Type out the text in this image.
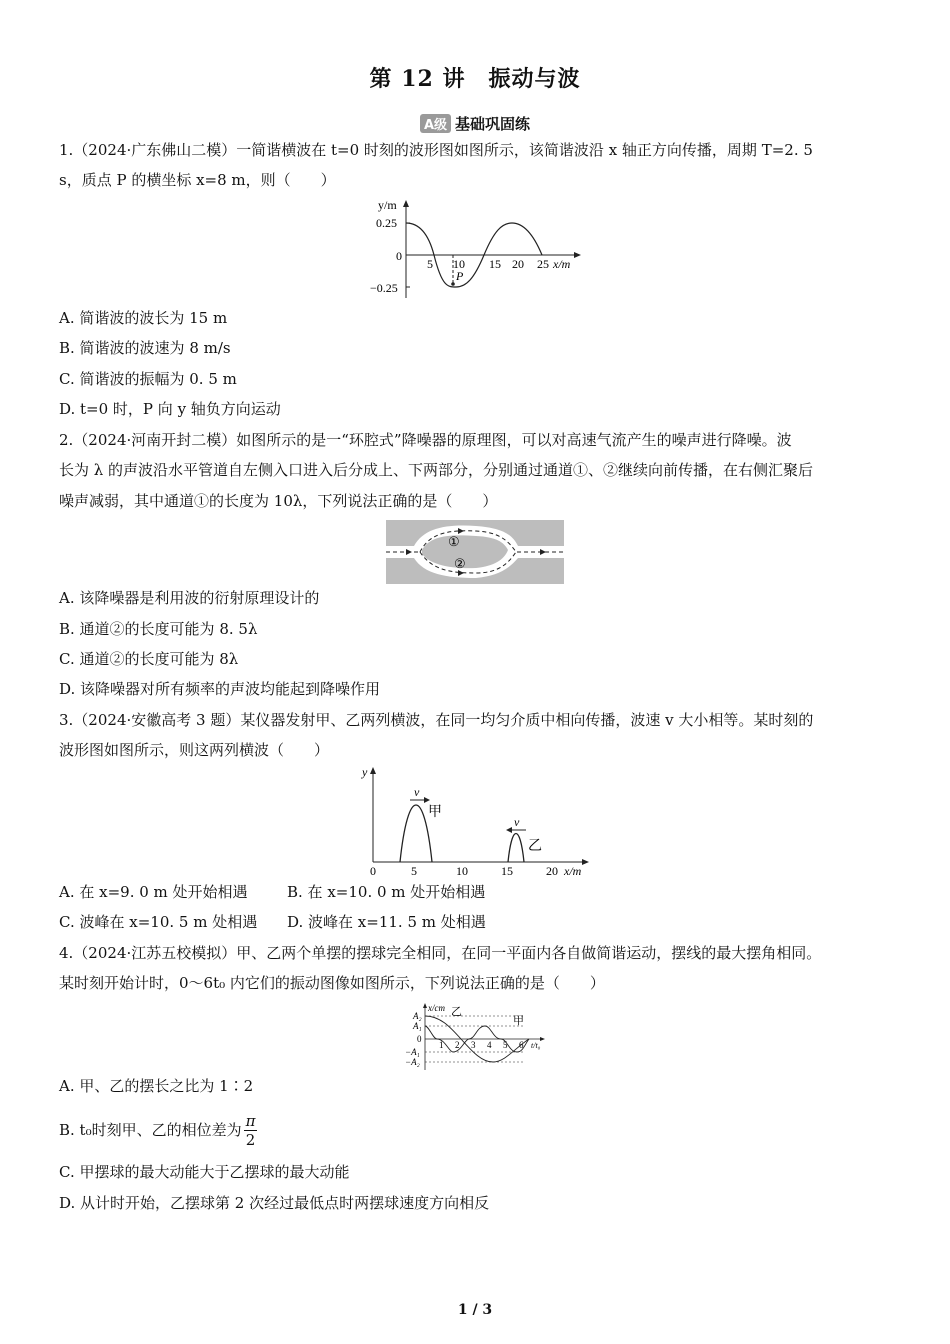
第 12 讲　振动与波
A级 基础巩固练
1.（2024·广东佛山二模）一简谐横波在 t=0 时刻的波形图如图所示，该简谐波沿 x 轴正方向传播，周期 T=2. 5
s，质点 P 的横坐标 x=8 m，则（　　）
y/m
0.25
−0.25
0
5 10 15 20 25 x/m
P
A. 简谐波的波长为 15 m
B. 简谐波的波速为 8 m/s
C. 简谐波的振幅为 0. 5 m
D. t=0 时，P 向 y 轴负方向运动
2.（2024·河南开封二模）如图所示的是一“环腔式”降噪器的原理图，可以对高速气流产生的噪声进行降噪。波
长为 λ 的声波沿水平管道自左侧入口进入后分成上、下两部分，分别通过通道①、②继续向前传播，在右侧汇聚后
噪声减弱，其中通道①的长度为 10λ，下列说法正确的是（　　）
①
②
A. 该降噪器是利用波的衍射原理设计的
B. 通道②的长度可能为 8. 5λ
C. 通道②的长度可能为 8λ
D. 该降噪器对所有频率的声波均能起到降噪作用
3.（2024·安徽高考 3 题）某仪器发射甲、乙两列横波，在同一均匀介质中相向传播，波速 v 大小相等。某时刻的
波形图如图所示，则这两列横波（　　）
y
v
v
甲
乙
0	5	10	15	20 x/m
A. 在 x=9. 0 m 处开始相遇	B. 在 x=10. 0 m 处开始相遇
C. 波峰在 x=10. 5 m 处相遇 D. 波峰在 x=11. 5 m 处相遇
4.（2024·江苏五校模拟）甲、乙两个单摆的摆球完全相同，在同一平面内各自做简谐运动，摆线的最大摆角相同。
某时刻开始计时，0～6t₀ 内它们的振动图像如图所示，下列说法正确的是（　　）
x/cm
A₂
A₁
0
−A₁
−A₂
1 2 3 4 5 6 t/t₀
甲
乙
A. 甲、乙的摆长之比为 1∶2
B. t₀时刻甲、乙的相位差为 $\frac{\pi}{2}$
C. 甲摆球的最大动能大于乙摆球的最大动能
D. 从计时开始，乙摆球第 2 次经过最低点时两摆球速度方向相反
1 / 3
